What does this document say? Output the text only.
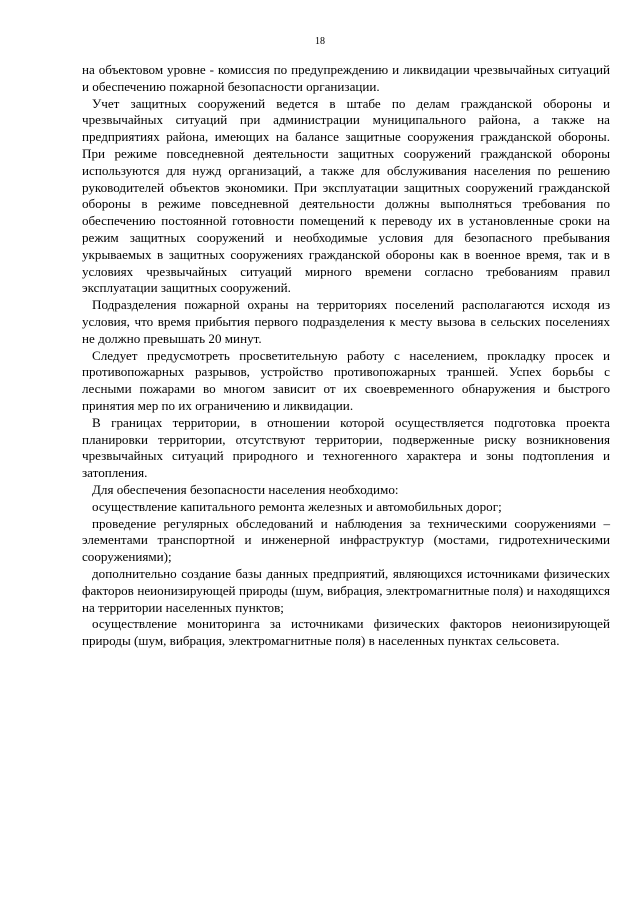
18

на объектовом уровне - комиссия по предупреждению и ликвидации чрезвычайных ситуаций и обеспечению пожарной безопасности организации.

Учет защитных сооружений ведется в штабе по делам гражданской обороны и чрезвычайных ситуаций при администрации муниципального района, а также на предприятиях района, имеющих на балансе защитные сооружения гражданской обороны. При режиме повседневной деятельности защитных сооружений гражданской обороны используются для нужд организаций, а также для обслуживания населения по решению руководителей объектов экономики. При эксплуатации защитных сооружений гражданской обороны в режиме повседневной деятельности должны выполняться требования по обеспечению постоянной готовности помещений к переводу их в установленные сроки на режим защитных сооружений и необходимые условия для безопасного пребывания укрываемых в защитных сооружениях гражданской обороны как в военное время, так и в условиях чрезвычайных ситуаций мирного времени согласно требованиям правил эксплуатации защитных сооружений.

Подразделения пожарной охраны на территориях поселений располагаются исходя из условия, что время прибытия первого подразделения к месту вызова в сельских поселениях не должно превышать 20 минут.

Следует предусмотреть просветительную работу с населением, прокладку просек и противопожарных разрывов, устройство противопожарных траншей. Успех борьбы с лесными пожарами во многом зависит от их своевременного обнаружения и быстрого принятия мер по их ограничению и ликвидации.

В границах территории, в отношении которой осуществляется подготовка проекта планировки территории, отсутствуют территории, подверженные риску возникновения чрезвычайных ситуаций природного и техногенного характера и зоны подтопления и затопления.

Для обеспечения безопасности населения необходимо:

осуществление капитального ремонта железных и автомобильных дорог;

проведение регулярных обследований и наблюдения за техническими сооружениями – элементами транспортной и инженерной инфраструктур (мостами, гидротехническими сооружениями);

дополнительно создание базы данных предприятий, являющихся источниками физических факторов неионизирующей природы (шум, вибрация, электромагнитные поля) и находящихся на территории населенных пунктов;

осуществление мониторинга за источниками физических факторов неионизирующей природы (шум, вибрация, электромагнитные поля) в населенных пунктах сельсовета.
